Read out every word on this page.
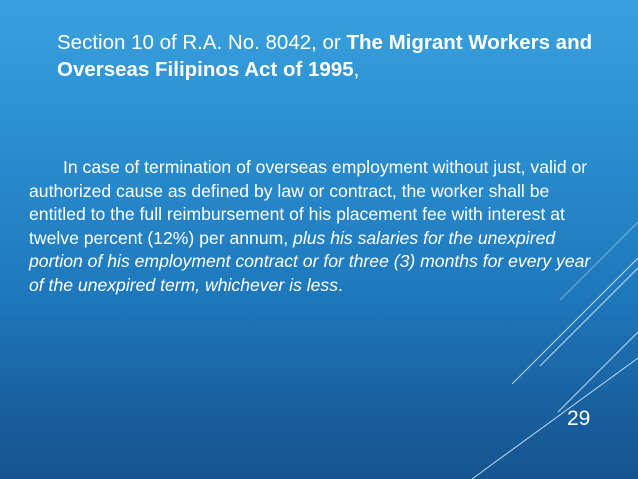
Section 10 of R.A. No. 8042, or The Migrant Workers and Overseas Filipinos Act of 1995,
In case of termination of overseas employment without just, valid or authorized cause as defined by law or contract, the worker shall be entitled to the full reimbursement of his placement fee with interest at twelve percent (12%) per annum, plus his salaries for the unexpired portion of his employment contract or for three (3) months for every year of the unexpired term, whichever is less.
29
